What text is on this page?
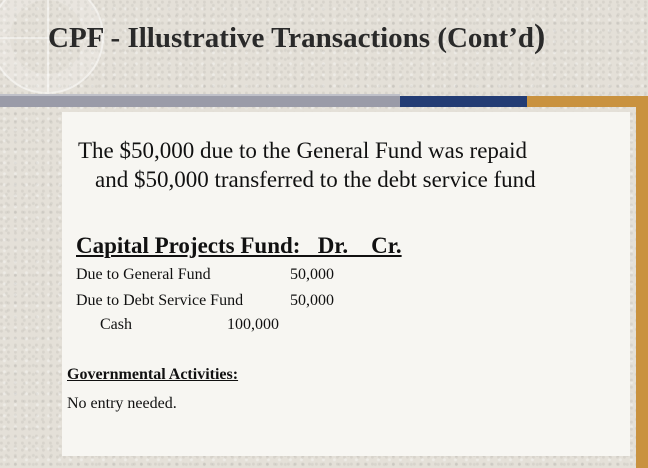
CPF - Illustrative Transactions (Cont’d)
The $50,000 due to the General Fund was repaid
and $50,000 transferred to the debt service fund
Capital Projects Fund:   Dr.    Cr.
Due to General Fund	50,000
Due to Debt Service Fund	50,000
Cash	100,000
Governmental Activities:
No entry needed.
